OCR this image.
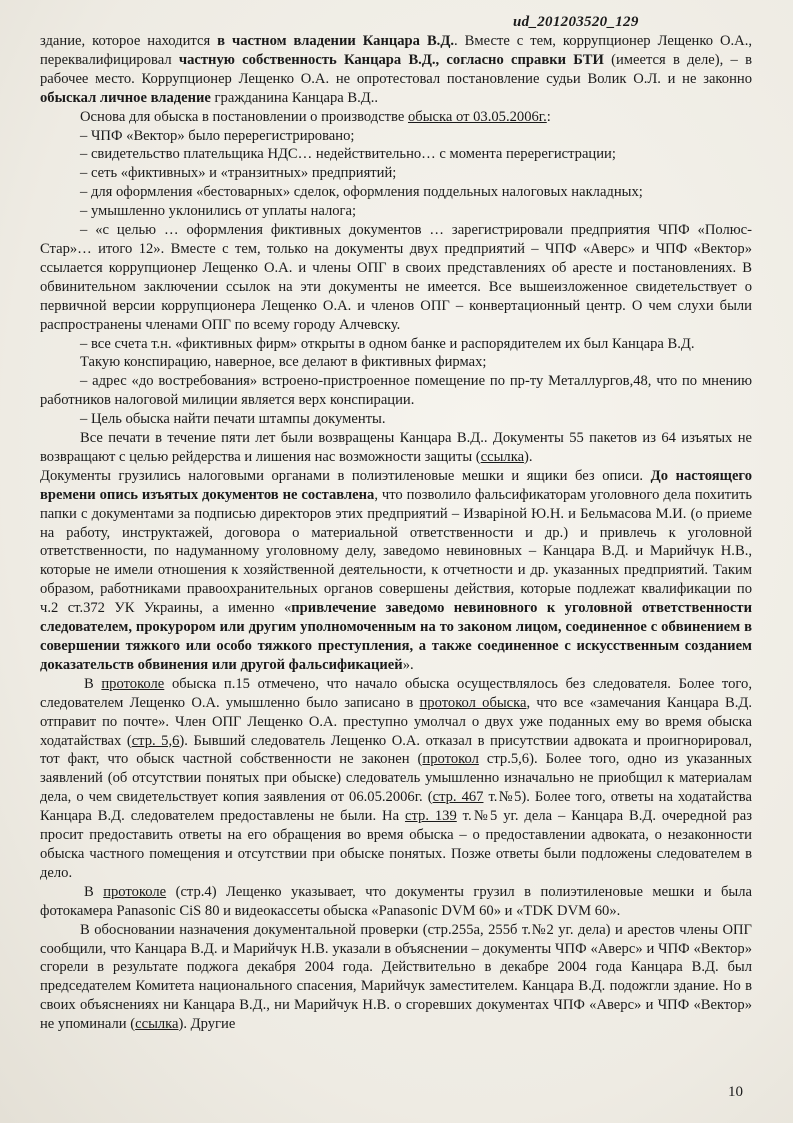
ud_201203520_129

здание, которое находится в частном владении Канцара В.Д.. Вместе с тем, коррупционер Лещенко О.А., переквалифицировал частную собственность Канцара В.Д., согласно справки БТИ (имеется в деле), – в рабочее место. Коррупционер Лещенко О.А. не опротестовал постановление судьи Волик О.Л. и не законно обыскал личное владение гражданина Канцара В.Д..

Основа для обыска в постановлении о производстве обыска от 03.05.2006г.:

– ЧПФ «Вектор» было перерегистрировано;

– свидетельство плательщика НДС… недействительно… с момента перерегистрации;

– сеть «фиктивных» и «транзитных» предприятий;

– для оформления «бестоварных» сделок, оформления поддельных налоговых накладных;

– умышленно уклонились от уплаты налога;

– «с целью … оформления фиктивных документов … зарегистрировали предприятия ЧПФ «Полюс-Стар»… итого 12». Вместе с тем, только на документы двух предприятий – ЧПФ «Аверс» и ЧПФ «Вектор» ссылается коррупционер Лещенко О.А. и члены ОПГ в своих представлениях об аресте и постановлениях. В обвинительном заключении ссылок на эти документы не имеется. Все вышеизложенное свидетельствует о первичной версии коррупционера Лещенко О.А. и членов ОПГ – конвертационный центр. О чем слухи были распространены членами ОПГ по всему городу Алчевску.

– все счета т.н. «фиктивных фирм» открыты в одном банке и распорядителем их был Канцара В.Д.

Такую конспирацию, наверное, все делают в фиктивных фирмах;

– адрес «до востребования» встроено-пристроенное помещение по пр-ту Металлургов,48, что по мнению работников налоговой милиции является верх конспирации.

– Цель обыска найти печати штампы документы.

Все печати в течение пяти лет были возвращены Канцара В.Д.. Документы 55 пакетов из 64 изъятых не возвращают с целью рейдерства и лишения нас возможности защиты (ссылка).

Документы грузились налоговыми органами в полиэтиленовые мешки и ящики без описи. До настоящего времени опись изъятых документов не составлена, что позволило фальсификаторам уголовного дела похитить папки с документами за подписью директоров этих предприятий – Изваріной Ю.Н. и Бельмасова М.И. (о приеме на работу, инструктажей, договора о материальной ответственности и др.) и привлечь к уголовной ответственности, по надуманному уголовному делу, заведомо невиновных – Канцара В.Д. и Марийчук Н.В., которые не имели отношения к хозяйственной деятельности, к отчетности и др. указанных предприятий. Таким образом, работниками правоохранительных органов совершены действия, которые подлежат квалификации по ч.2 ст.372 УК Украины, а именно «привлечение заведомо невиновного к уголовной ответственности следователем, прокурором или другим уполномоченным на то законом лицом, соединенное с обвинением в совершении тяжкого или особо тяжкого преступления, а также соединенное с искусственным созданием доказательств обвинения или другой фальсификацией».

В протоколе обыска п.15 отмечено, что начало обыска осуществлялось без следователя. Более того, следователем Лещенко О.А. умышленно было записано в протокол обыска, что все «замечания Канцара В.Д. отправит по почте». Член ОПГ Лещенко О.А. преступно умолчал о двух уже поданных ему во время обыска ходатайствах (стр. 5,6). Бывший следователь Лещенко О.А. отказал в присутствии адвоката и проигнорировал, тот факт, что обыск частной собственности не законен (протокол стр.5,6). Более того, одно из указанных заявлений (об отсутствии понятых при обыске) следователь умышленно изначально не приобщил к материалам дела, о чем свидетельствует копия заявления от 06.05.2006г. (стр. 467 т.№5). Более того, ответы на ходатайства Канцара В.Д. следователем предоставлены не были. На стр. 139 т.№5 уг. дела – Канцара В.Д. очередной раз просит предоставить ответы на его обращения во время обыска – о предоставлении адвоката, о незаконности обыска частного помещения и отсутствии при обыске понятых. Позже ответы были подложены следователем в дело.

В протоколе (стр.4) Лещенко указывает, что документы грузил в полиэтиленовые мешки и была фотокамера Panasonic CiS 80 и видеокассеты обыска «Panasonic DVM 60» и «TDK DVM 60».

В обосновании назначения документальной проверки (стр.255а, 255б т.№2 уг. дела) и арестов члены ОПГ сообщили, что Канцара В.Д. и Марийчук Н.В. указали в объяснении – документы ЧПФ «Аверс» и ЧПФ «Вектор» сгорели в результате поджога декабря 2004 года. Действительно в декабре 2004 года Канцара В.Д. был председателем Комитета национального спасения, Марийчук заместителем. Канцара В.Д. подожгли здание. Но в своих объяснениях ни Канцара В.Д., ни Марийчук Н.В. о сгоревших документах ЧПФ «Аверс» и ЧПФ «Вектор» не упоминали (ссылка). Другие

10
